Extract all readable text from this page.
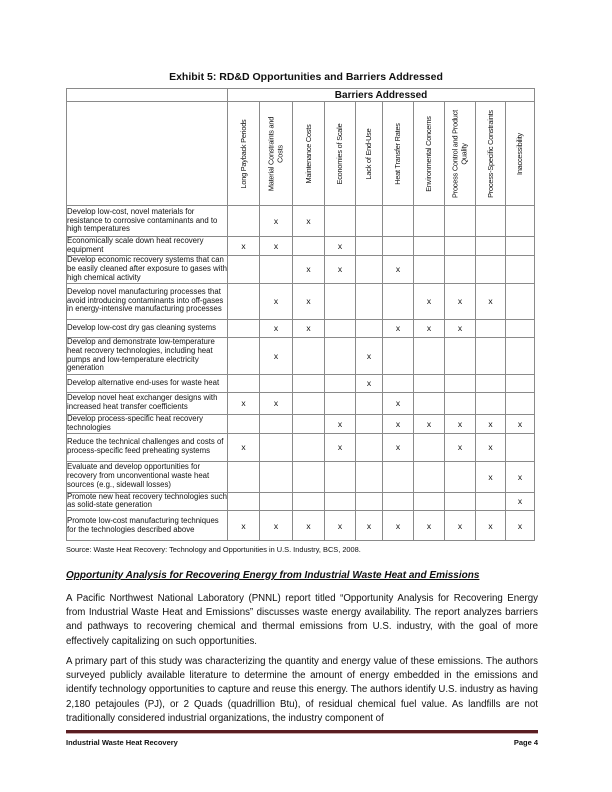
Exhibit 5: RD&D Opportunities and Barriers Addressed
	Barriers Addressed									

	Long Payback Periods	Material Constraints and Costs	Maintenance Costs	Economies of Scale	Lack of End-Use	Heat Transfer Rates	Environmental Concerns	Process Control and Product Quality	Process-Specific Constraints	Inaccessibility

Develop low-cost, novel materials for resistance to corrosive contaminants and to high temperatures		x	x							
Economically scale down heat recovery equipment	x	x		x						
Develop economic recovery systems that can be easily cleaned after exposure to gases with high chemical activity			x	x		x				
Develop novel manufacturing processes that avoid introducing contaminants into off-gases in energy-intensive manufacturing processes		x	x				x	x	x	
Develop low-cost dry gas cleaning systems		x	x			x	x	x		
Develop and demonstrate low-temperature heat recovery technologies, including heat pumps and low-temperature electricity generation		x			x					
Develop alternative end-uses for waste heat					x					
Develop novel heat exchanger designs with increased heat transfer coefficients	x	x				x				
Develop process-specific heat recovery technologies				x		x	x	x	x	x
Reduce the technical challenges and costs of process-specific feed preheating systems	x			x		x		x	x	
Evaluate and develop opportunities for recovery from unconventional waste heat sources (e.g., sidewall losses)									x	x
Promote new heat recovery technologies such as solid-state generation										x
Promote low-cost manufacturing techniques for the technologies described above	x	x	x	x	x	x	x	x	x	x
Source: Waste Heat Recovery: Technology and Opportunities in U.S. Industry, BCS, 2008.
Opportunity Analysis for Recovering Energy from Industrial Waste Heat and Emissions
A Pacific Northwest National Laboratory (PNNL) report titled “Opportunity Analysis for Recovering Energy from Industrial Waste Heat and Emissions” discusses waste energy availability. The report analyzes barriers and pathways to recovering chemical and thermal emissions from U.S. industry, with the goal of more effectively capitalizing on such opportunities.
A primary part of this study was characterizing the quantity and energy value of these emissions. The authors surveyed publicly available literature to determine the amount of energy embedded in the emissions and identify technology opportunities to capture and reuse this energy. The authors identify U.S. industry as having 2,180 petajoules (PJ), or 2 Quads (quadrillion Btu), of residual chemical fuel value. As landfills are not traditionally considered industrial organizations, the industry component of
Industrial Waste Heat Recovery	Page 4
